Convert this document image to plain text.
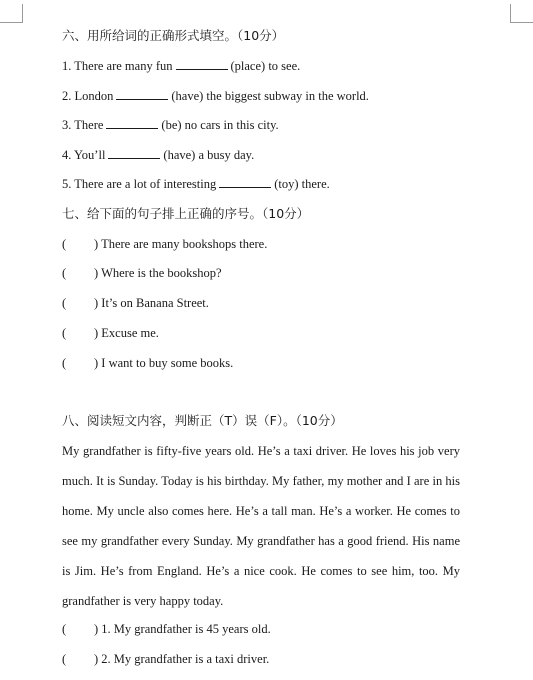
六、用所给词的正确形式填空。（10分）
1. There are many fun	(place) to see.
2. London	(have) the biggest subway in the world.
3. There	(be) no cars in this city.
4. You’ll	(have) a busy day.
5. There are a lot of interesting	(toy) there.
七、给下面的句子排上正确的序号。（10分）
( ) There are many bookshops there.
( ) Where is the bookshop?
( ) It’s on Banana Street.
( ) Excuse me.
( ) I want to buy some books.
八、阅读短文内容，判断正（T）误（F）。（10分）
My grandfather is fifty-five years old. He’s a taxi driver. He loves his job very much. It is Sunday. Today is his birthday. My father, my mother and I are in his home. My uncle also comes here. He’s a tall man. He’s a worker. He comes to see my grandfather every Sunday. My grandfather has a good friend. His name is Jim. He’s from England. He’s a nice cook. He comes to see him, too. My grandfather is very happy today.
( ) 1. My grandfather is 45 years old.
( ) 2. My grandfather is a taxi driver.
